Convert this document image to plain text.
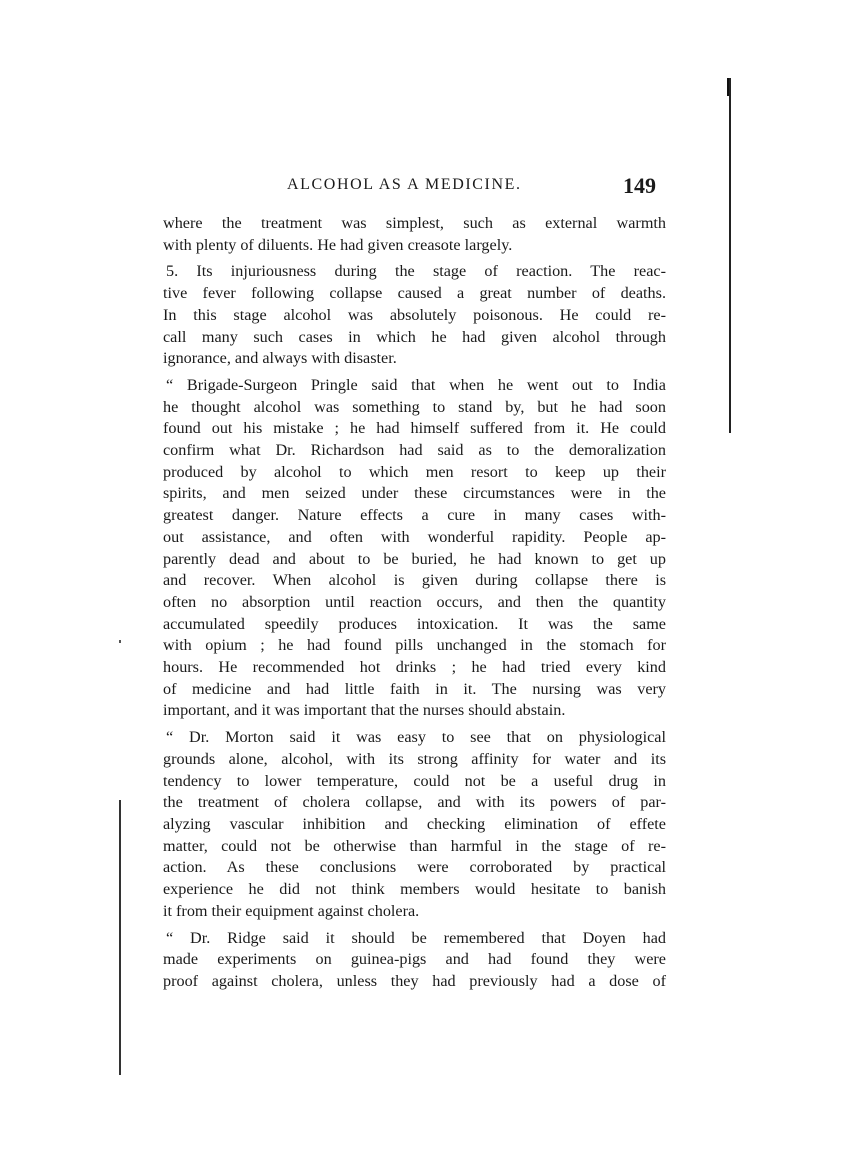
ALCOHOL AS A MEDICINE.	149

where the treatment was simplest, such as external warmth

with plenty of diluents. He had given creasote largely.

5. Its injuriousness during the stage of reaction. The reac-

tive fever following collapse caused a great number of deaths.

In this stage alcohol was absolutely poisonous. He could re-

call many such cases in which he had given alcohol through

ignorance, and always with disaster.

“ Brigade-Surgeon Pringle said that when he went out to India

he thought alcohol was something to stand by, but he had soon

found out his mistake ; he had himself suffered from it. He could

confirm what Dr. Richardson had said as to the demoralization

produced by alcohol to which men resort to keep up their

spirits, and men seized under these circumstances were in the

greatest danger. Nature effects a cure in many cases with-

out assistance, and often with wonderful rapidity. People ap-

parently dead and about to be buried, he had known to get up

and recover. When alcohol is given during collapse there is

often no absorption until reaction occurs, and then the quantity

accumulated speedily produces intoxication. It was the same

with opium ; he had found pills unchanged in the stomach for

hours. He recommended hot drinks ; he had tried every kind

of medicine and had little faith in it. The nursing was very

important, and it was important that the nurses should abstain.

“ Dr. Morton said it was easy to see that on physiological

grounds alone, alcohol, with its strong affinity for water and its

tendency to lower temperature, could not be a useful drug in

the treatment of cholera collapse, and with its powers of par-

alyzing vascular inhibition and checking elimination of effete

matter, could not be otherwise than harmful in the stage of re-

action. As these conclusions were corroborated by practical

experience he did not think members would hesitate to banish

it from their equipment against cholera.

“ Dr. Ridge said it should be remembered that Doyen had

made experiments on guinea-pigs and had found they were

proof against cholera, unless they had previously had a dose of
